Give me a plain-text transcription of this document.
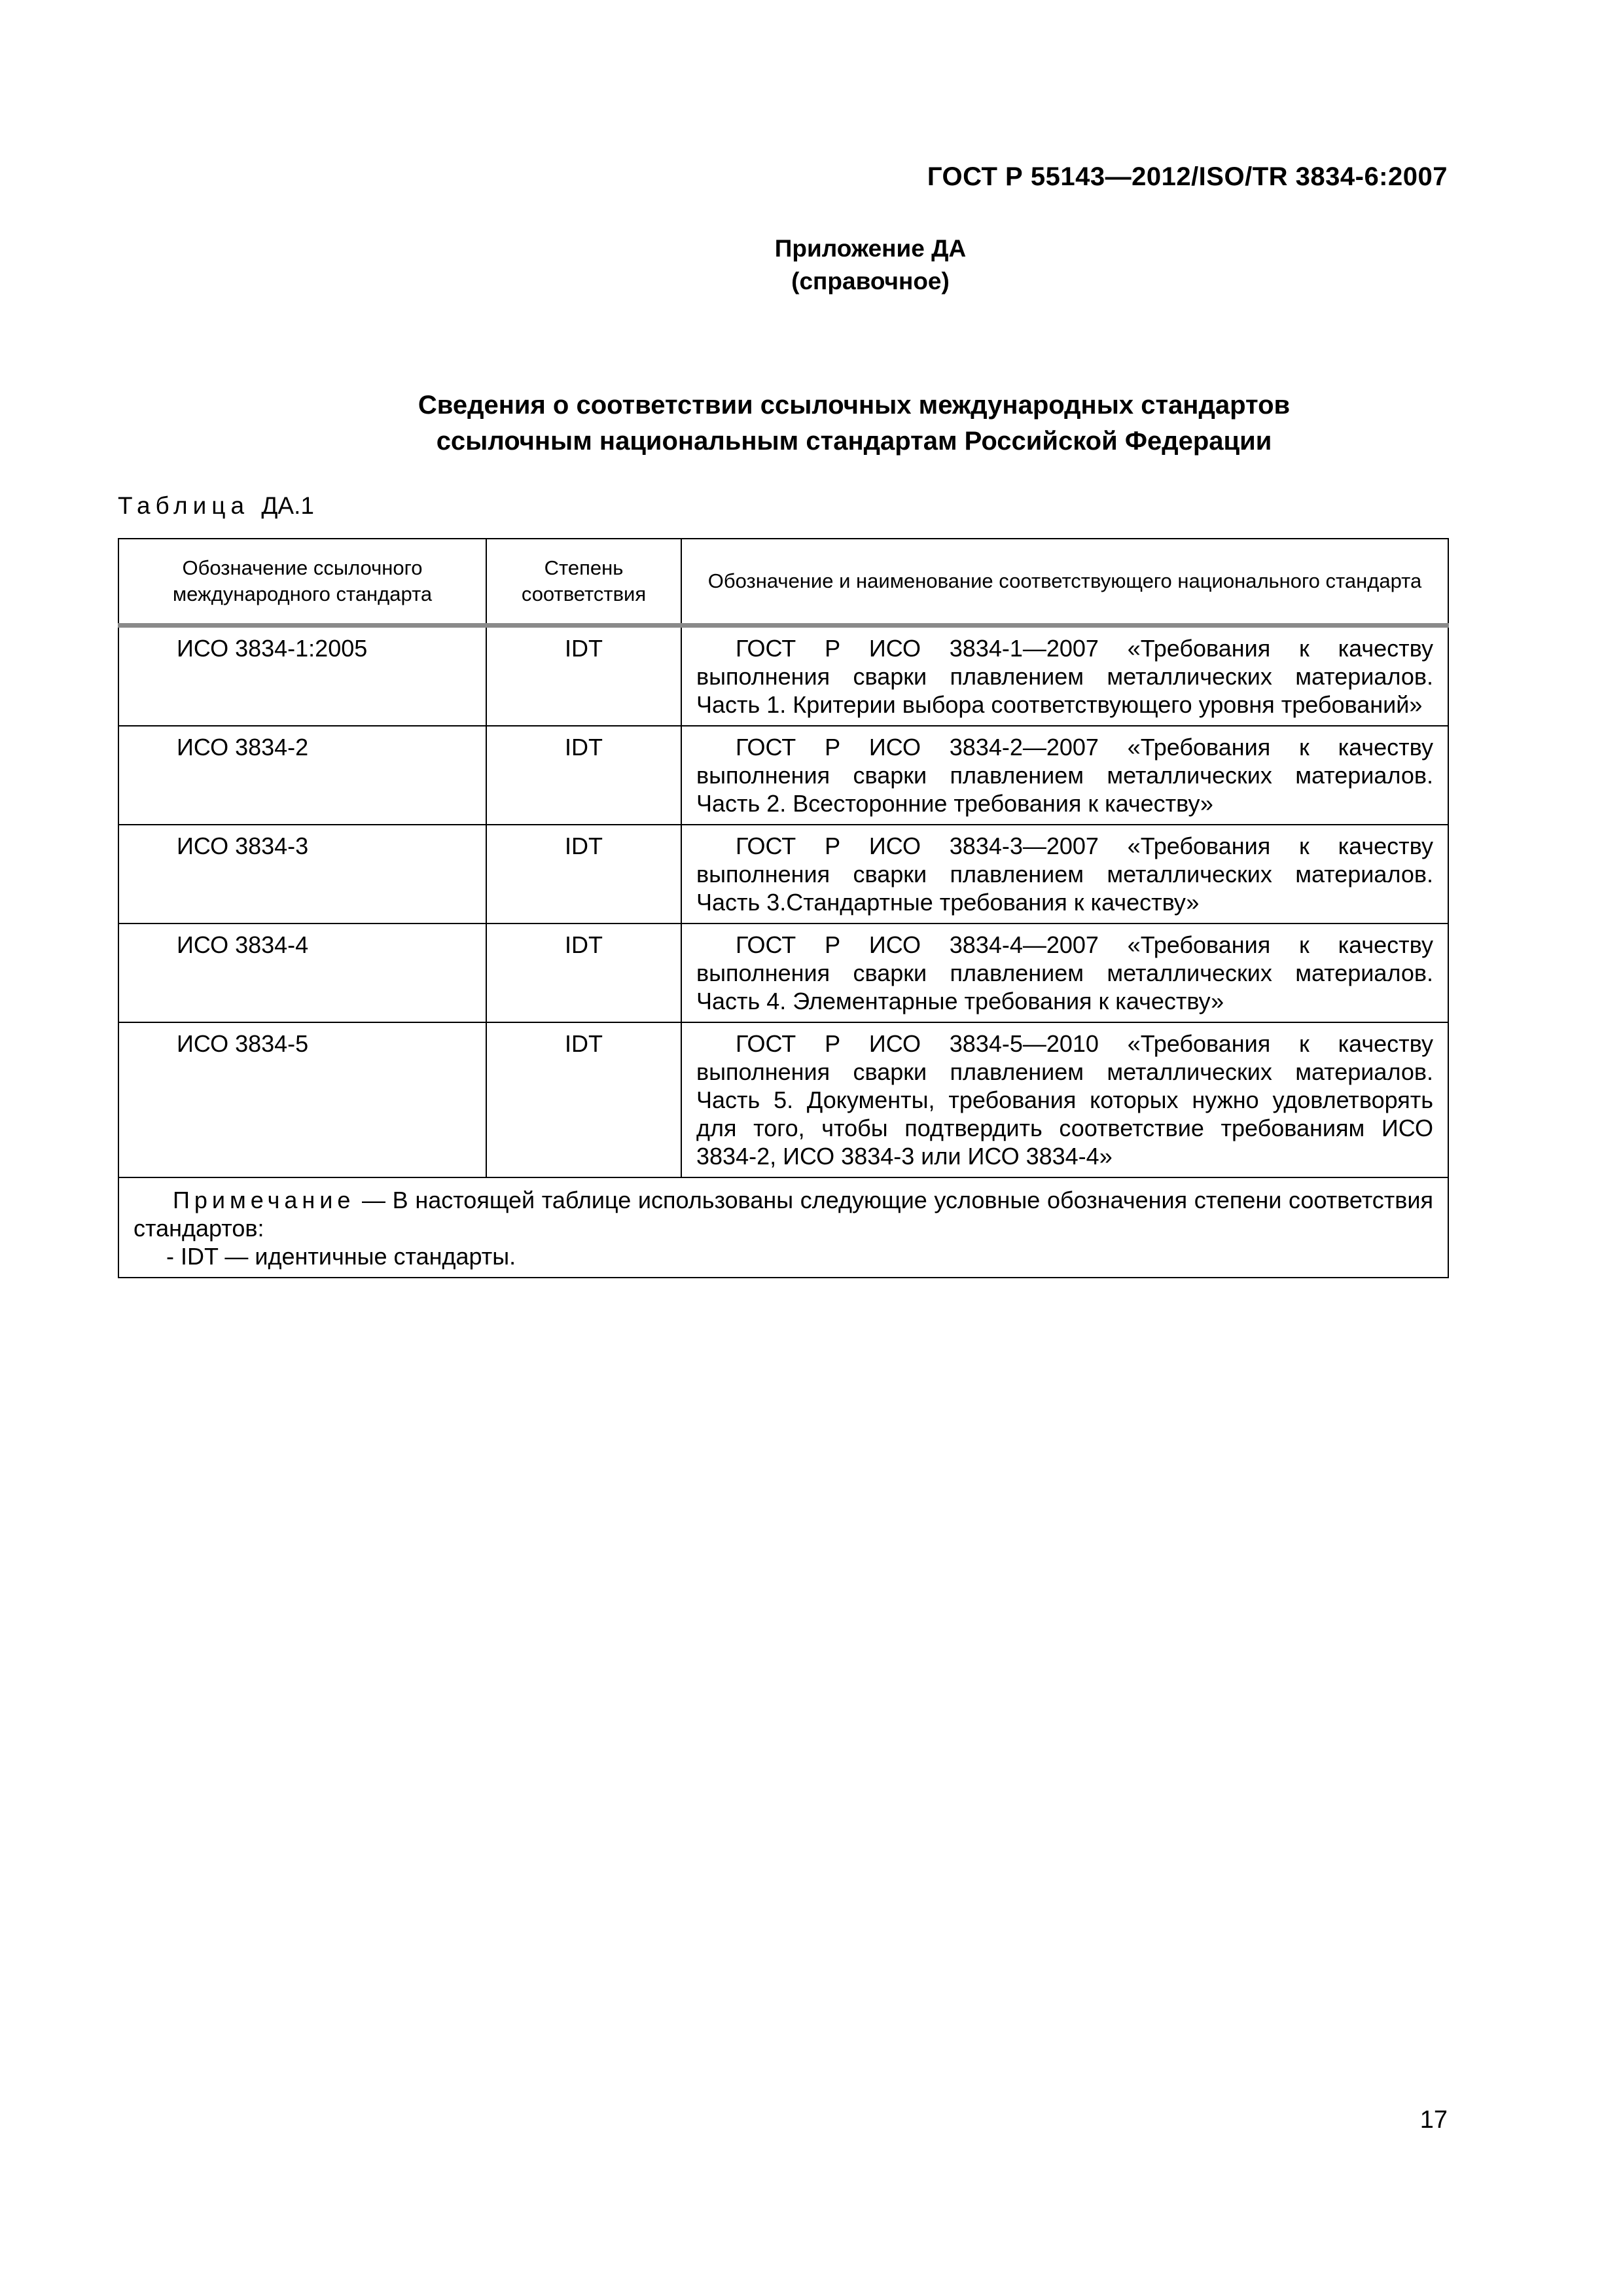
ГОСТ Р 55143—2012/ISO/TR 3834-6:2007
Приложение ДА
(справочное)
Сведения о соответствии ссылочных международных стандартов
ссылочным национальным стандартам Российской Федерации
Таблица ДА.1
Обозначение ссылочного международного стандарта	Степень соответствия	Обозначение и наименование соответствующего национального стандарта
ИСО 3834-1:2005	IDT	ГОСТ Р ИСО 3834-1—2007 «Требования к качеству выполнения сварки плавлением металлических материалов. Часть 1. Критерии выбора соответствующего уровня требований»

ИСО 3834-2	IDT	ГОСТ Р ИСО 3834-2—2007 «Требования к качеству выполнения сварки плавлением металлических материалов. Часть 2. Всесторонние требования к качеству»

ИСО 3834-3	IDT	ГОСТ Р ИСО 3834-3—2007 «Требования к качеству выполнения сварки плавлением металлических материалов. Часть 3.Стандартные требования к качеству»

ИСО 3834-4	IDT	ГОСТ Р ИСО 3834-4—2007 «Требования к качеству выполнения сварки плавлением металлических материалов. Часть 4. Элементарные требования к качеству»

ИСО 3834-5	IDT	ГОСТ Р ИСО 3834-5—2010 «Требования к качеству выполнения сварки плавлением металлических материалов. Часть 5. Документы, требования которых нужно удовлетворять для того, чтобы подтвердить соответствие требованиям ИСО 3834-2, ИСО 3834-3 или ИСО 3834-4»

Примечание — В настоящей таблице использованы следующие условные обозначения степени соответствия стандартов:
- IDT — идентичные стандарты.		
17
